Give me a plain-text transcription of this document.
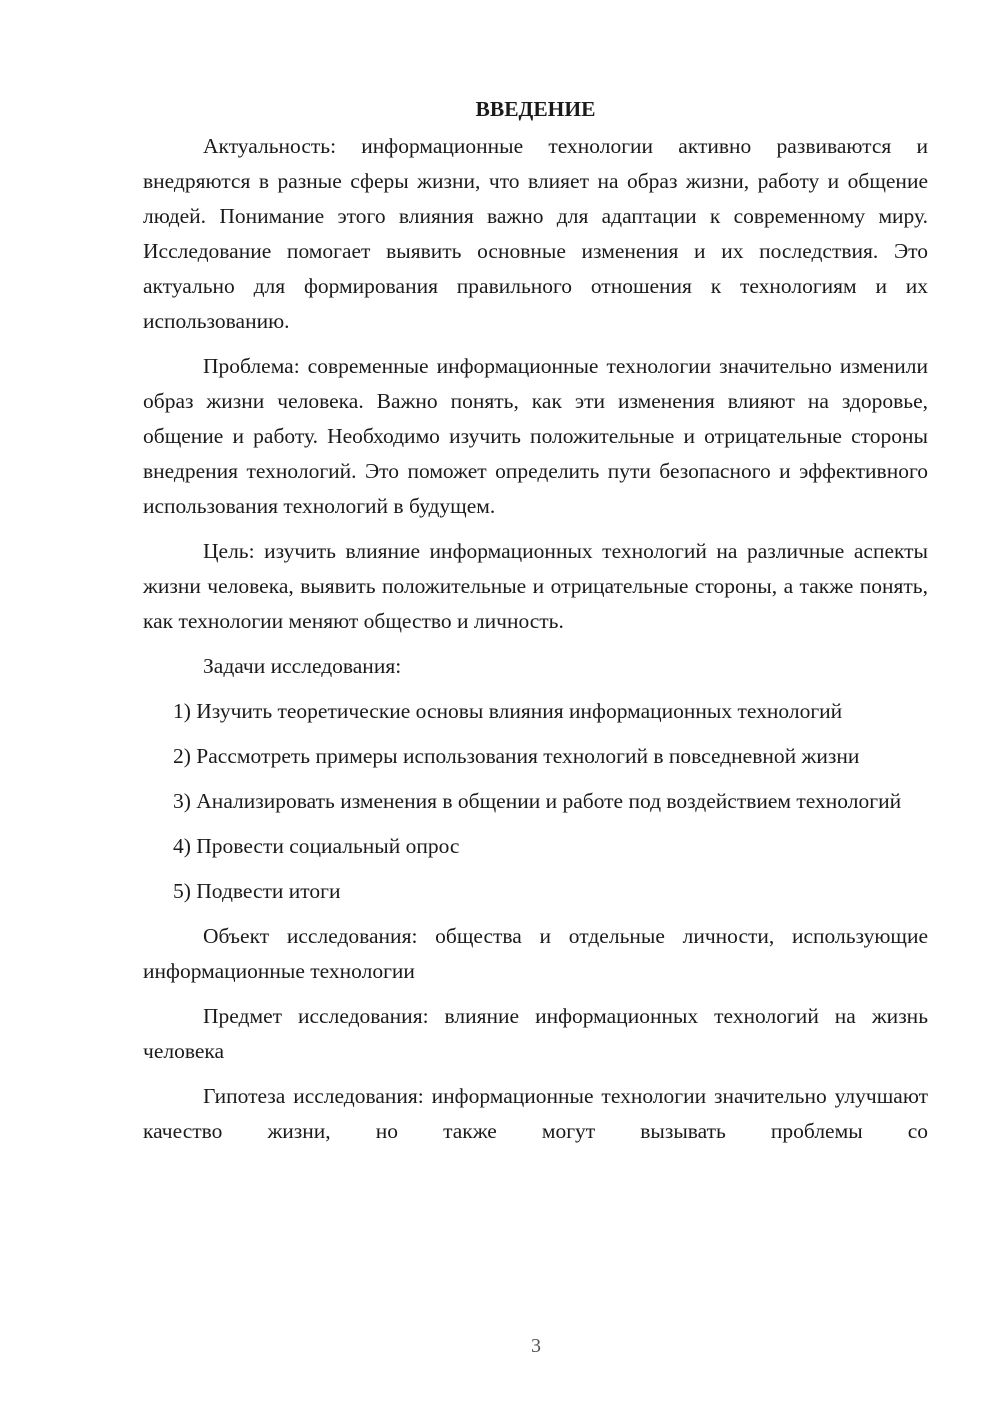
ВВЕДЕНИЕ

Актуальность: информационные технологии активно развиваются и внедряются в разные сферы жизни, что влияет на образ жизни, работу и общение людей. Понимание этого влияния важно для адаптации к современному миру. Исследование помогает выявить основные изменения и их последствия. Это актуально для формирования правильного отношения к технологиям и их использованию.

Проблема: современные информационные технологии значительно изменили образ жизни человека. Важно понять, как эти изменения влияют на здоровье, общение и работу. Необходимо изучить положительные и отрицательные стороны внедрения технологий. Это поможет определить пути безопасного и эффективного использования технологий в будущем.

Цель: изучить влияние информационных технологий на различные аспекты жизни человека, выявить положительные и отрицательные стороны, а также понять, как технологии меняют общество и личность.

Задачи исследования:

1) Изучить теоретические основы влияния информационных технологий

2) Рассмотреть примеры использования технологий в повседневной жизни

3) Анализировать изменения в общении и работе под воздействием технологий

4) Провести социальный опрос

5) Подвести итоги

Объект исследования: общества и отдельные личности, использующие информационные технологии

Предмет исследования: влияние информационных технологий на жизнь человека

Гипотеза исследования: информационные технологии значительно улучшают качество жизни, но также могут вызывать проблемы со

3
